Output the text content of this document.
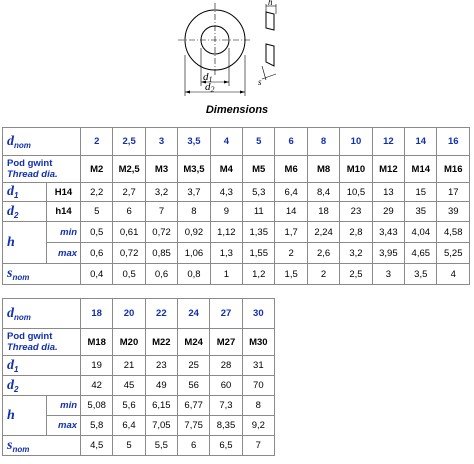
d1
d2
h
s
Dimensions
$d_{nom}$		2	2,5	3	3,5	4	5	6	8	10	12	14	16
Pod gwint
Thread dia.		M2	M2,5	M3	M3,5	M4	M5	M6	M8	M10	M12	M14	M16
$d_1$	H14	2,2	2,7	3,2	3,7	4,3	5,3	6,4	8,4	10,5	13	15	17
$d_2$	h14	5	6	7	8	9	11	14	18	23	29	35	39
h	min	0,5	0,61	0,72	0,92	1,12	1,35	1,7	2,24	2,8	3,43	4,04	4,58
	max	0,6	0,72	0,85	1,06	1,3	1,55	2	2,6	3,2	3,95	4,65	5,25
$s_{nom}$		0,4	0,5	0,6	0,8	1	1,2	1,5	2	2,5	3	3,5	4
$d_{nom}$		18	20	22	24	27	30
Pod gwint
Thread dia.		M18	M20	M22	M24	M27	M30
$d_1$		19	21	23	25	28	31
$d_2$		42	45	49	56	60	70
h	min	5,08	5,6	6,15	6,77	7,3	8
	max	5,8	6,4	7,05	7,75	8,35	9,2
$s_{nom}$		4,5	5	5,5	6	6,5	7
